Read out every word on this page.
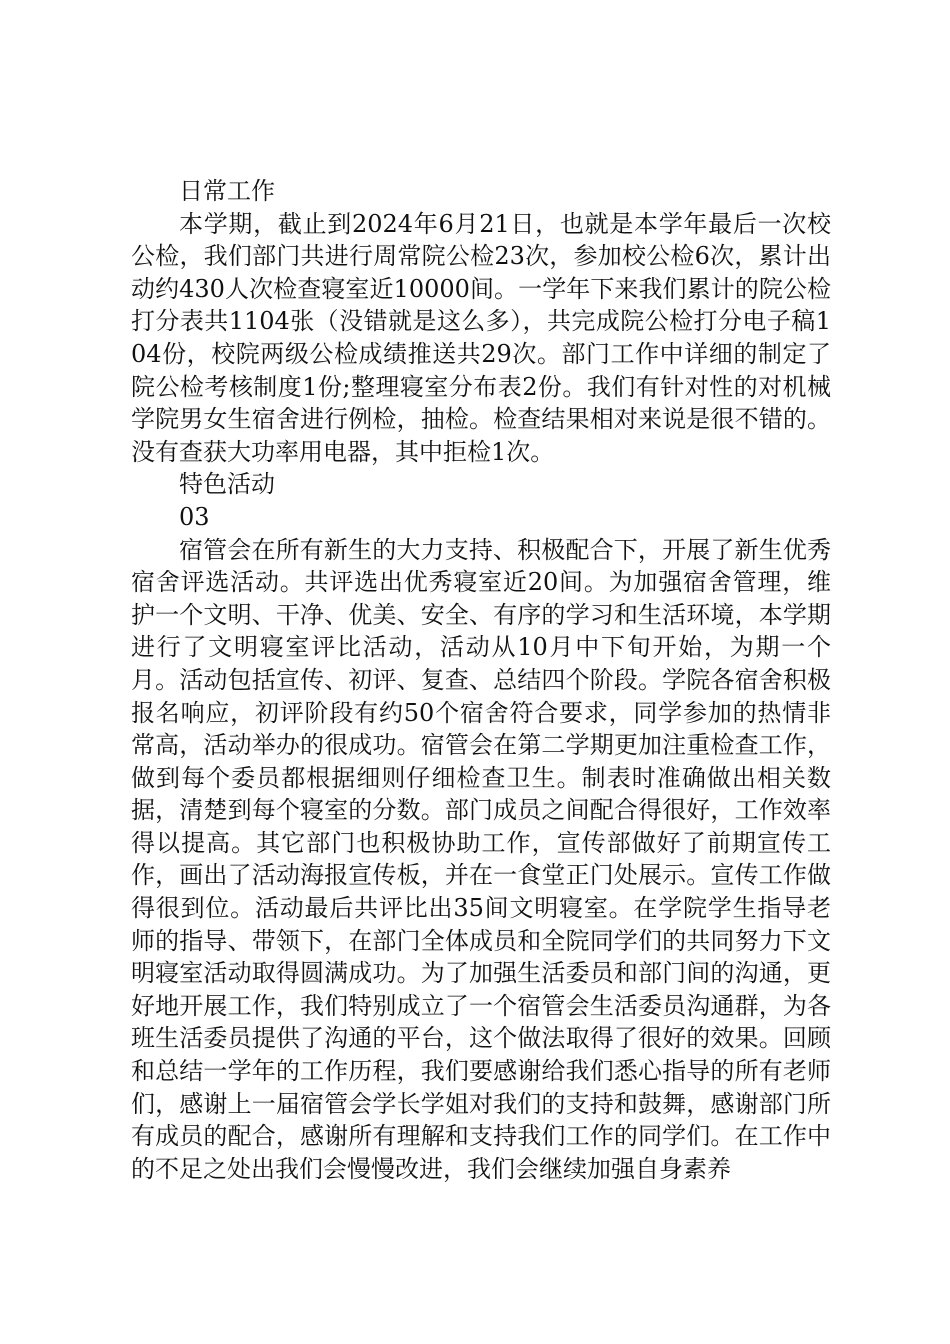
日常工作

本学期，截止到2024年6月21日，也就是本学年最后一次校公检，我们部门共进行周常院公检23次，参加校公检6次，累计出动约430人次检查寝室近10000间。一学年下来我们累计的院公检打分表共1104张（没错就是这么多），共完成院公检打分电子稿104份，校院两级公检成绩推送共29次。部门工作中详细的制定了院公检考核制度1份;整理寝室分布表2份。我们有针对性的对机械学院男女生宿舍进行例检，抽检。检查结果相对来说是很不错的。没有查获大功率用电器，其中拒检1次。

特色活动

03

宿管会在所有新生的大力支持、积极配合下，开展了新生优秀宿舍评选活动。共评选出优秀寝室近20间。为加强宿舍管理，维护一个文明、干净、优美、安全、有序的学习和生活环境，本学期进行了文明寝室评比活动，活动从10月中下旬开始，为期一个月。活动包括宣传、初评、复查、总结四个阶段。学院各宿舍积极报名响应，初评阶段有约50个宿舍符合要求，同学参加的热情非常高，活动举办的很成功。宿管会在第二学期更加注重检查工作，做到每个委员都根据细则仔细检查卫生。制表时准确做出相关数据，清楚到每个寝室的分数。部门成员之间配合得很好，工作效率得以提高。其它部门也积极协助工作，宣传部做好了前期宣传工作，画出了活动海报宣传板，并在一食堂正门处展示。宣传工作做得很到位。活动最后共评比出35间文明寝室。在学院学生指导老师的指导、带领下，在部门全体成员和全院同学们的共同努力下文明寝室活动取得圆满成功。为了加强生活委员和部门间的沟通，更好地开展工作，我们特别成立了一个宿管会生活委员沟通群，为各班生活委员提供了沟通的平台，这个做法取得了很好的效果。回顾和总结一学年的工作历程，我们要感谢给我们悉心指导的所有老师们，感谢上一届宿管会学长学姐对我们的支持和鼓舞，感谢部门所有成员的配合，感谢所有理解和支持我们工作的同学们。在工作中的不足之处出我们会慢慢改进，我们会继续加强自身素养
